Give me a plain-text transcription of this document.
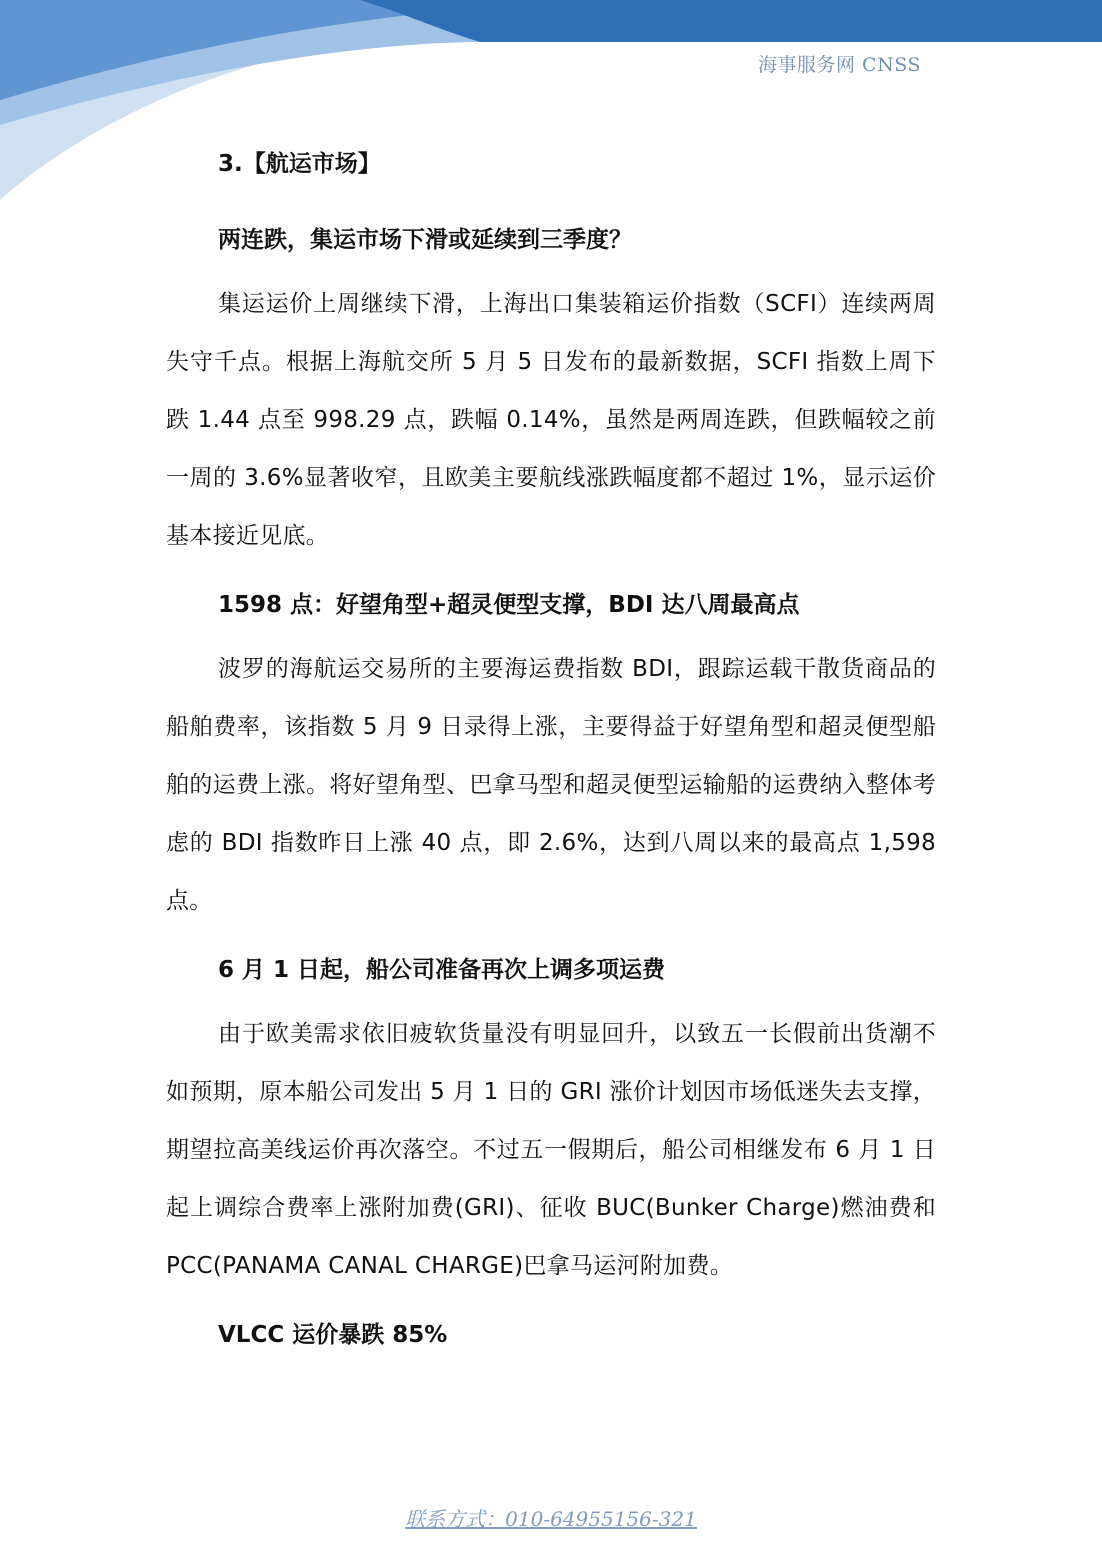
海事服务网 CNSS
3.【航运市场】
两连跌，集运市场下滑或延续到三季度？

集运运价上周继续下滑，上海出口集装箱运价指数（SCFI）连续两周失守千点。根据上海航交所 5 月 5 日发布的最新数据，SCFI 指数上周下跌 1.44 点至 998.29 点，跌幅 0.14%，虽然是两周连跌，但跌幅较之前一周的 3.6%显著收窄，且欧美主要航线涨跌幅度都不超过 1%，显示运价基本接近见底。

1598 点：好望角型+超灵便型支撑，BDI 达八周最高点

波罗的海航运交易所的主要海运费指数 BDI，跟踪运载干散货商品的船舶费率，该指数 5 月 9 日录得上涨，主要得益于好望角型和超灵便型船舶的运费上涨。将好望角型、巴拿马型和超灵便型运输船的运费纳入整体考虑的 BDI 指数昨日上涨 40 点，即 2.6%，达到八周以来的最高点 1,598 点。

6 月 1 日起，船公司准备再次上调多项运费

由于欧美需求依旧疲软货量没有明显回升，以致五一长假前出货潮不如预期，原本船公司发出 5 月 1 日的 GRI 涨价计划因市场低迷失去支撑，期望拉高美线运价再次落空。不过五一假期后，船公司相继发布 6 月 1 日起上调综合费率上涨附加费(GRI)、征收 BUC(Bunker Charge)燃油费和 PCC(PANAMA CANAL CHARGE)巴拿马运河附加费。

VLCC 运价暴跌 85%
联系方式：010-64955156-321
